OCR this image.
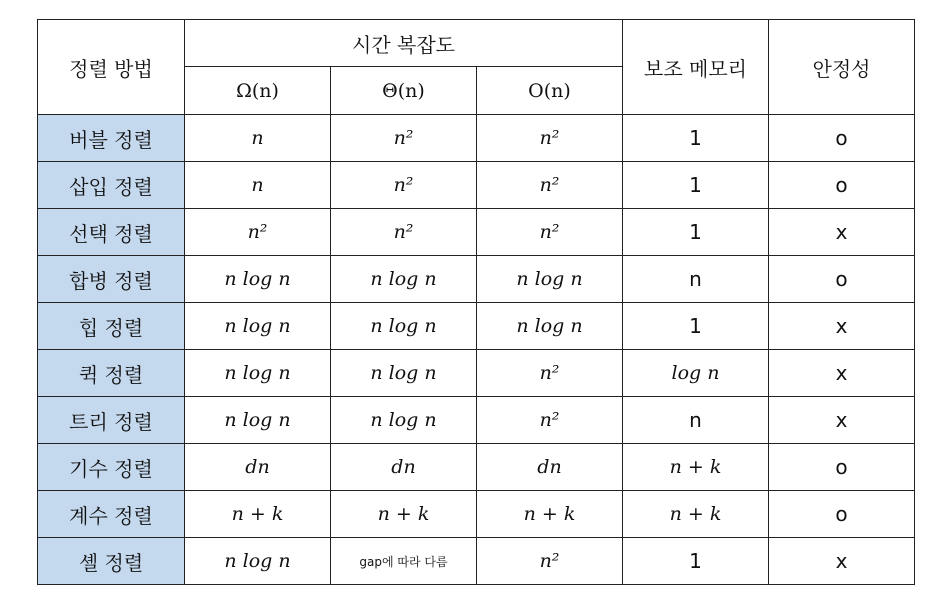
정렬 방법	시간 복잡도			보조 메모리	안정성
	Ω(n)	Θ(n)	O(n)		
버블 정렬	n	n²	n²	1	o
삽입 정렬	n	n²	n²	1	o
선택 정렬	n²	n²	n²	1	x
합병 정렬	n log n	n log n	n log n	n	o
힙 정렬	n log n	n log n	n log n	1	x
퀵 정렬	n log n	n log n	n²	log n	x
트리 정렬	n log n	n log n	n²	n	x
기수 정렬	dn	dn	dn	n + k	o
계수 정렬	n + k	n + k	n + k	n + k	o
셸 정렬	n log n	gap에 따라 다름	n²	1	x
